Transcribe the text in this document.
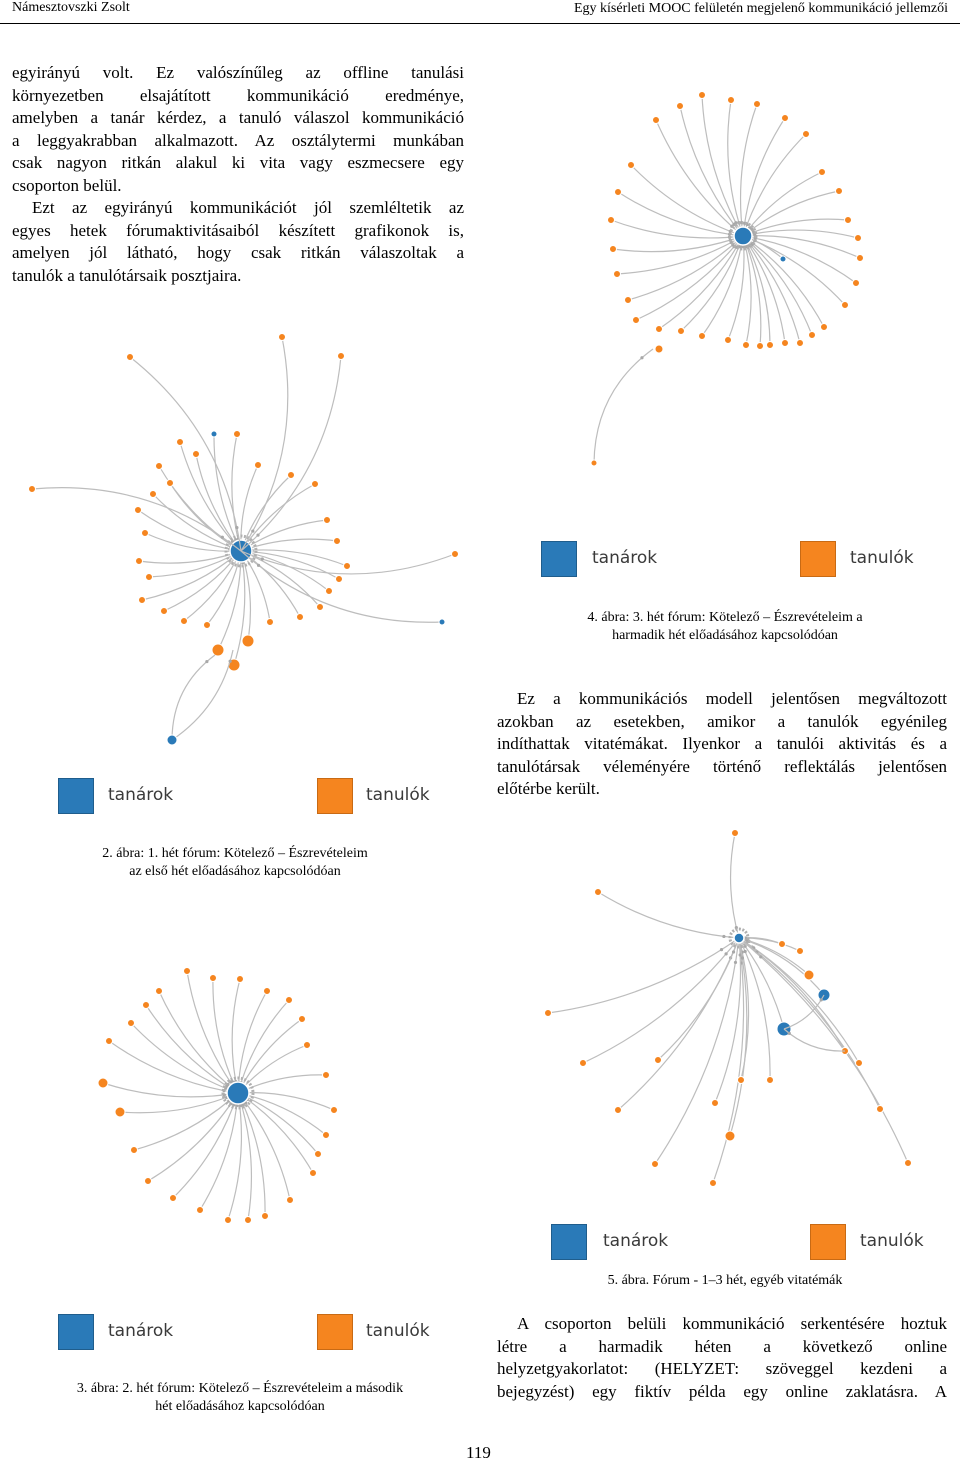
Námesztovszki Zsolt	Egy kísérleti MOOC felületén megjelenő kommunikáció jellemzői
egyirányú volt. Ez valószínűleg az offline tanulási
környezetben elsajátított kommunikáció eredménye,
amelyben a tanár kérdez, a tanuló válaszol kommunikáció
a leggyakrabban alkalmazott. Az osztálytermi munkában
csak nagyon ritkán alakul ki vita vagy eszmecsere egy
csoporton belül.
Ezt az egyirányú kommunikációt jól szemléltetik az
egyes hetek fórumaktivitásaiból készített grafikonok is,
amelyen jól látható, hogy csak ritkán válaszoltak a
tanulók a tanulótársaik posztjaira.
Ez a kommunikációs modell jelentősen megváltozott
azokban az esetekben, amikor a tanulók egyénileg
indíthattak vitatémákat. Ilyenkor a tanulói aktivitás és a
tanulótársak véleményére történő reflektálás jelentősen
előtérbe került.
A csoporton belüli kommunikáció serkentésére hoztuk
létre a harmadik héten a következő online
helyzetgyakorlatot: (HELYZET: szöveggel kezdeni a
bejegyzést) egy fiktív példa egy online zaklatásra. A
tanárok	tanulók
tanárok	tanulók
tanárok	tanulók
tanárok	tanulók
4. ábra: 3. hét fórum: Kötelező – Észrevételeim a
harmadik hét előadásához kapcsolódóan
2. ábra: 1. hét fórum: Kötelező – Észrevételeim
az első hét előadásához kapcsolódóan
5. ábra. Fórum - 1–3 hét, egyéb vitatémák
3. ábra: 2. hét fórum: Kötelező – Észrevételeim a második
hét előadásához kapcsolódóan
119
